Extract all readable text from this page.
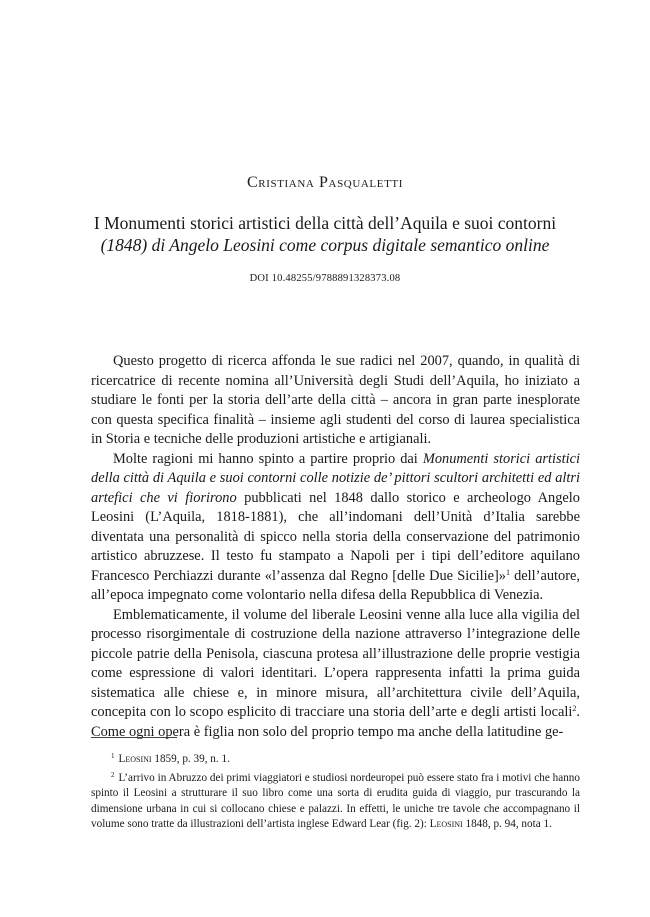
Cristiana Pasqualetti
I Monumenti storici artistici della città dell’Aquila e suoi contorni
(1848) di Angelo Leosini come corpus digitale semantico online
DOI 10.48255/9788891328373.08

Questo progetto di ricerca affonda le sue radici nel 2007, quando, in qualità di ricercatrice di recente nomina all’Università degli Studi dell’Aquila, ho iniziato a studiare le fonti per la storia dell’arte della città – ancora in gran parte inesplorate con questa specifica finalità – insieme agli studenti del corso di laurea specialistica in Storia e tecniche delle produzioni artistiche e artigianali.

Molte ragioni mi hanno spinto a partire proprio dai Monumenti storici artistici della città di Aquila e suoi contorni colle notizie de’ pittori scultori architetti ed altri artefici che vi fiorirono pubblicati nel 1848 dallo storico e archeologo Angelo Leosini (L’Aquila, 1818-1881), che all’indomani dell’Unità d’Italia sarebbe diventata una personalità di spicco nella storia della conservazione del patrimonio artistico abruzzese. Il testo fu stampato a Napoli per i tipi dell’editore aquilano Francesco Perchiazzi durante «l’assenza dal Regno [delle Due Sicilie]»$^1$ dell’autore, all’epoca impegnato come volontario nella difesa della Repubblica di Venezia.

Emblematicamente, il volume del liberale Leosini venne alla luce alla vigilia del processo risorgimentale di costruzione della nazione attraverso l’integrazione delle piccole patrie della Penisola, ciascuna protesa all’illustrazione delle proprie vestigia come espressione di valori identitari. L’opera rappresenta infatti la prima guida sistematica alle chiese e, in minore misura, all’architettura civile dell’Aquila, concepita con lo scopo esplicito di tracciare una storia dell’arte e degli artisti locali$^2$. Come ogni opera è figlia non solo del proprio tempo ma anche della latitudine ge-

$^1$ Leosini 1859, p. 39, n. 1.

$^2$ L’arrivo in Abruzzo dei primi viaggiatori e studiosi nordeuropei può essere stato fra i motivi che hanno spinto il Leosini a strutturare il suo libro come una sorta di erudita guida di viaggio, pur trascurando la dimensione urbana in cui si collocano chiese e palazzi. In effetti, le uniche tre tavole che accompagnano il volume sono tratte da illustrazioni dell’artista inglese Edward Lear (fig. 2): Leosini 1848, p. 94, nota 1.
